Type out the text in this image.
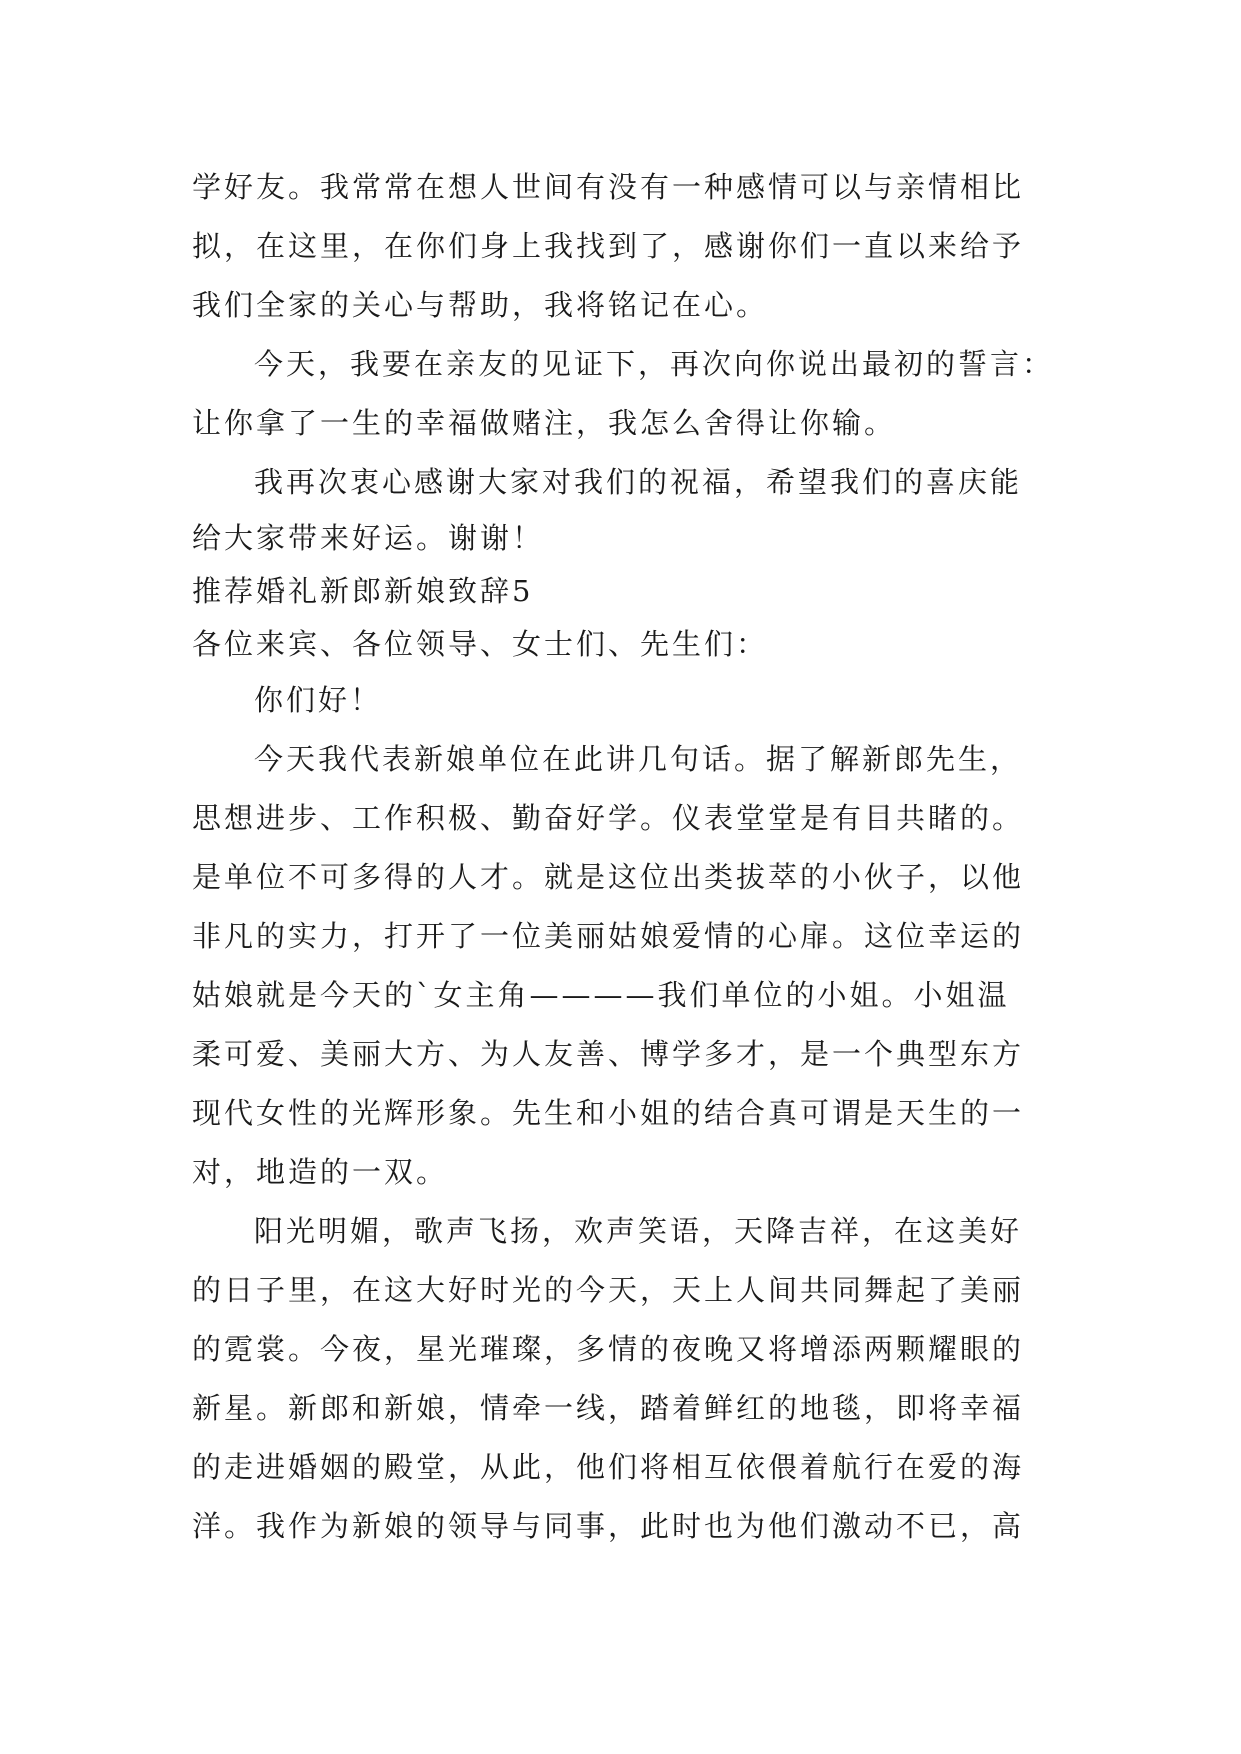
学好友。我常常在想人世间有没有一种感情可以与亲情相比
拟，在这里，在你们身上我找到了，感谢你们一直以来给予
我们全家的关心与帮助，我将铭记在心。
今天，我要在亲友的见证下，再次向你说出最初的誓言：
让你拿了一生的幸福做赌注，我怎么舍得让你输。
我再次衷心感谢大家对我们的祝福，希望我们的喜庆能
给大家带来好运。谢谢！
推荐婚礼新郎新娘致辞5
各位来宾、各位领导、女士们、先生们：
你们好！
今天我代表新娘单位在此讲几句话。据了解新郎先生，
思想进步、工作积极、勤奋好学。仪表堂堂是有目共睹的。
是单位不可多得的人才。就是这位出类拔萃的小伙子，以他
非凡的实力，打开了一位美丽姑娘爱情的心扉。这位幸运的
姑娘就是今天的`女主角————我们单位的小姐。小姐温
柔可爱、美丽大方、为人友善、博学多才，是一个典型东方
现代女性的光辉形象。先生和小姐的结合真可谓是天生的一
对，地造的一双。
阳光明媚，歌声飞扬，欢声笑语，天降吉祥，在这美好
的日子里，在这大好时光的今天，天上人间共同舞起了美丽
的霓裳。今夜，星光璀璨，多情的夜晚又将增添两颗耀眼的
新星。新郎和新娘，情牵一线，踏着鲜红的地毯，即将幸福
的走进婚姻的殿堂，从此，他们将相互依偎着航行在爱的海
洋。我作为新娘的领导与同事，此时也为他们激动不已，高
